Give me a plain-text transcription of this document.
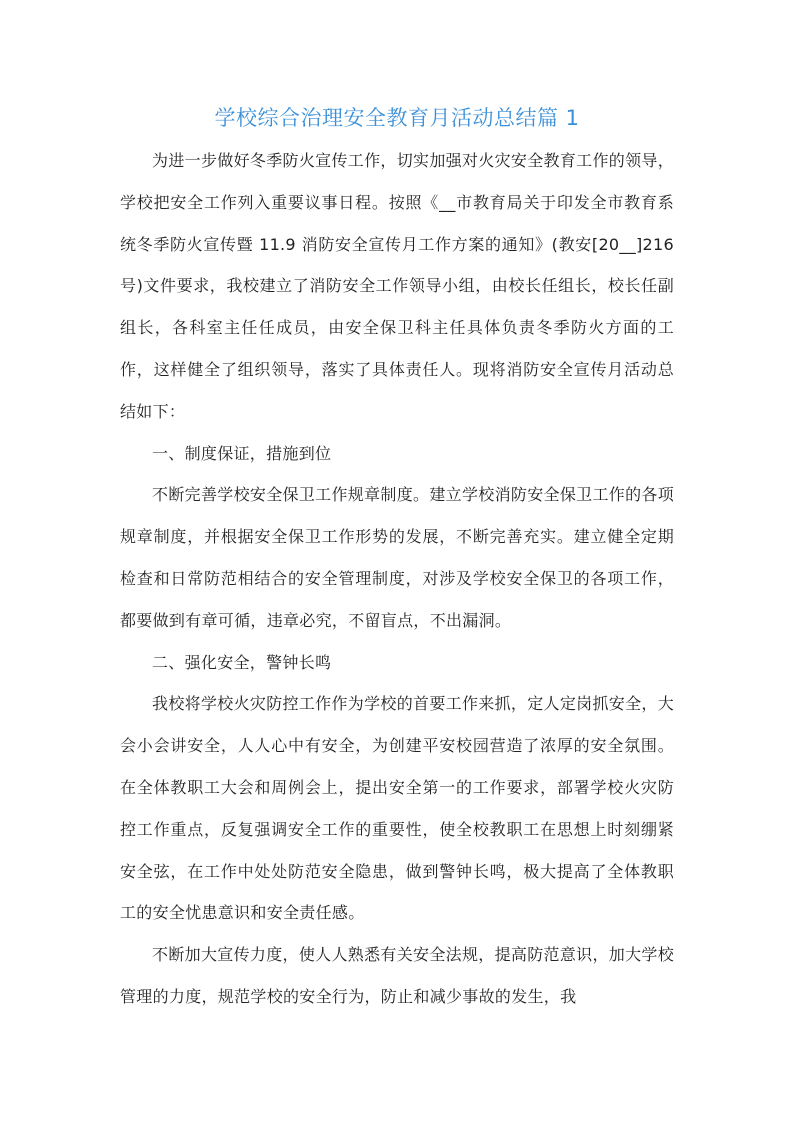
学校综合治理安全教育月活动总结篇 1

为进一步做好冬季防火宣传工作，切实加强对火灾安全教育工作的领导，学校把安全工作列入重要议事日程。按照《__市教育局关于印发全市教育系统冬季防火宣传暨 11.9 消防安全宣传月工作方案的通知》(教安[20__]216 号)文件要求，我校建立了消防安全工作领导小组，由校长任组长，校长任副组长，各科室主任任成员，由安全保卫科主任具体负责冬季防火方面的工作，这样健全了组织领导，落实了具体责任人。现将消防安全宣传月活动总结如下：

一、制度保证，措施到位

不断完善学校安全保卫工作规章制度。建立学校消防安全保卫工作的各项规章制度，并根据安全保卫工作形势的发展，不断完善充实。建立健全定期检查和日常防范相结合的安全管理制度，对涉及学校安全保卫的各项工作，都要做到有章可循，违章必究，不留盲点，不出漏洞。

二、强化安全，警钟长鸣

我校将学校火灾防控工作作为学校的首要工作来抓，定人定岗抓安全，大会小会讲安全，人人心中有安全，为创建平安校园营造了浓厚的安全氛围。在全体教职工大会和周例会上，提出安全第一的工作要求，部署学校火灾防控工作重点，反复强调安全工作的重要性，使全校教职工在思想上时刻绷紧安全弦，在工作中处处防范安全隐患，做到警钟长鸣，极大提高了全体教职工的安全忧患意识和安全责任感。

不断加大宣传力度，使人人熟悉有关安全法规，提高防范意识，加大学校管理的力度，规范学校的安全行为，防止和减少事故的发生，我
